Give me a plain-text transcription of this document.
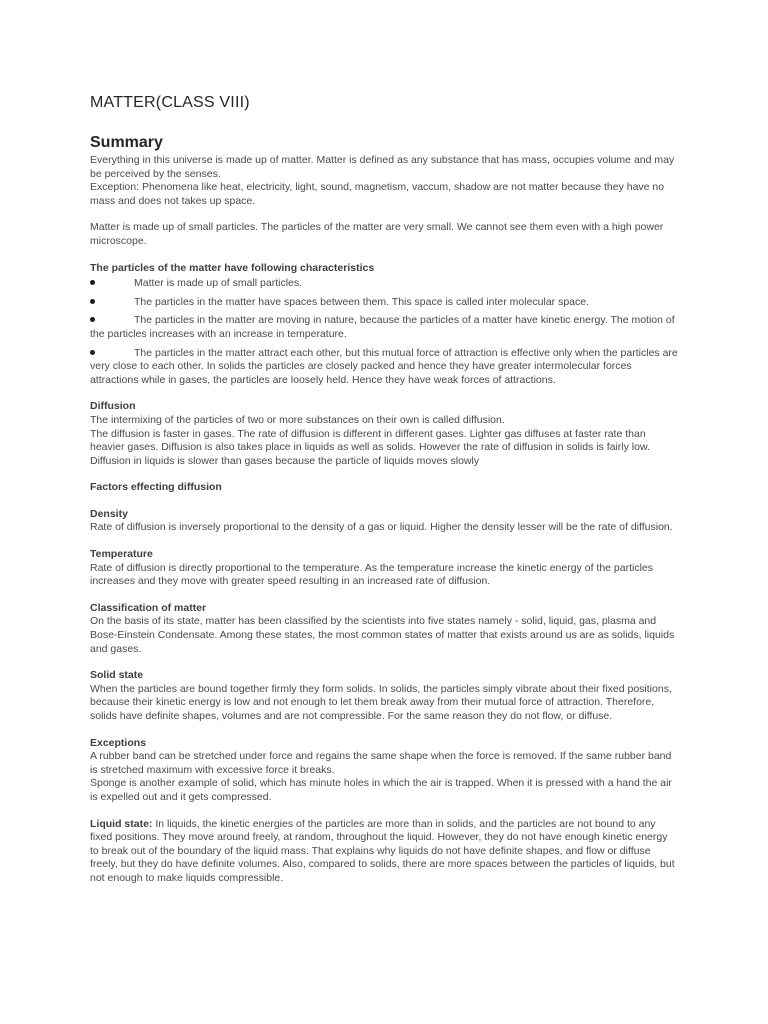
MATTER(CLASS VIII)
Summary

Everything in this universe is made up of matter. Matter is defined as any substance that has mass, occupies volume and may be perceived by the senses.

Exception: Phenomena like heat, electricity, light, sound, magnetism, vaccum, shadow are not matter because they have no mass and does not takes up space.

Matter is made up of small particles. The particles of the matter are very small. We cannot see them even with a high power microscope.

The particles of the matter have following characteristics

Matter is made up of small particles.
The particles in the matter have spaces between them. This space is called inter molecular space.
The particles in the matter are moving in nature, because the particles of a matter have kinetic energy. The motion of the particles increases with an increase in temperature.
The particles in the matter attract each other, but this mutual force of attraction is effective only when the particles are very close to each other. In solids the particles are closely packed and hence they have greater intermolecular forces attractions while in gases, the particles are loosely held. Hence they have weak forces of attractions.

Diffusion

The intermixing of the particles of two or more substances on their own is called diffusion.

The diffusion is faster in gases. The rate of diffusion is different in different gases. Lighter gas diffuses at faster rate than heavier gases. Diffusion is also takes place in liquids as well as solids. However the rate of diffusion in solids is fairly low. Diffusion in liquids is slower than gases because the particle of liquids moves slowly

Factors effecting diffusion

Density

Rate of diffusion is inversely proportional to the density of a gas or liquid. Higher the density lesser will be the rate of diffusion.

Temperature

Rate of diffusion is directly proportional to the temperature. As the temperature increase the kinetic energy of the particles increases and they move with greater speed resulting in an increased rate of diffusion.

Classification of matter

On the basis of its state, matter has been classified by the scientists into five states namely - solid, liquid, gas, plasma and Bose-Einstein Condensate. Among these states, the most common states of matter that exists around us are as solids, liquids and gases.

Solid state

When the particles are bound together firmly they form solids. In solids, the particles simply vibrate about their fixed positions, because their kinetic energy is low and not enough to let them break away from their mutual force of attraction. Therefore, solids have definite shapes, volumes and are not compressible. For the same reason they do not flow, or diffuse.

Exceptions

A rubber band can be stretched under force and regains the same shape when the force is removed. If the same rubber band is stretched maximum with excessive force it breaks.

Sponge is another example of solid, which has minute holes in which the air is trapped. When it is pressed with a hand the air is expelled out and it gets compressed.

Liquid state: In liquids, the kinetic energies of the particles are more than in solids, and the particles are not bound to any fixed positions. They move around freely, at random, throughout the liquid. However, they do not have enough kinetic energy to break out of the boundary of the liquid mass. That explains why liquids do not have definite shapes, and flow or diffuse freely, but they do have definite volumes. Also, compared to solids, there are more spaces between the particles of liquids, but not enough to make liquids compressible.
